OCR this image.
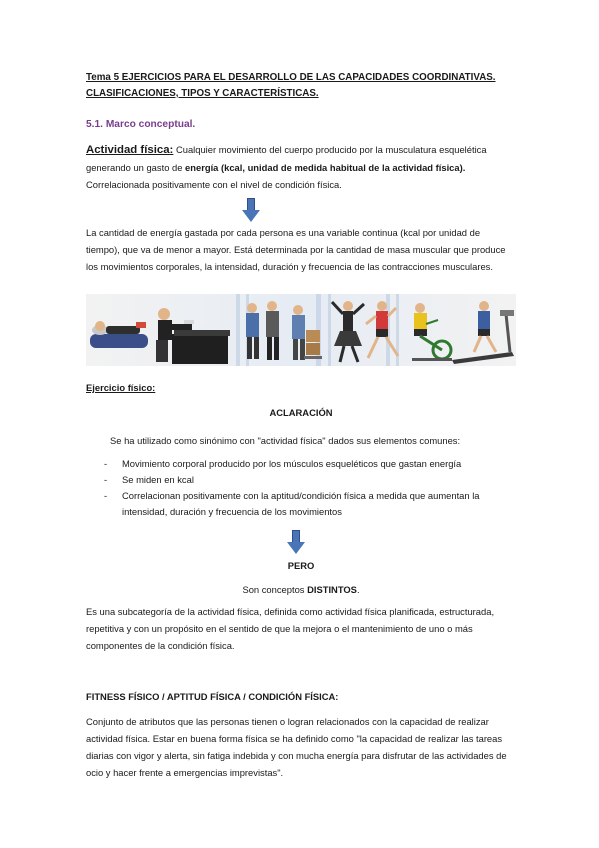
Tema 5 EJERCICIOS PARA EL DESARROLLO DE LAS CAPACIDADES COORDINATIVAS.
CLASIFICACIONES, TIPOS Y CARACTERÍSTICAS.
5.1. Marco conceptual.
Actividad física: Cualquier movimiento del cuerpo producido por la musculatura esquelética generando un gasto de energía (kcal, unidad de medida habitual de la actividad física). Correlacionada positivamente con el nivel de condición física.
La cantidad de energía gastada por cada persona es una variable continua (kcal por unidad de tiempo), que va de menor a mayor. Está determinada por la cantidad de masa muscular que produce los movimientos corporales, la intensidad, duración y frecuencia de las contracciones musculares.
Ejercicio físico:
ACLARACIÓN
Se ha utilizado como sinónimo con "actividad física" dados sus elementos comunes:
- Movimiento corporal producido por los músculos esqueléticos que gastan energía
- Se miden en kcal
- Correlacionan positivamente con la aptitud/condición física a medida que aumentan la intensidad, duración y frecuencia de los movimientos
PERO
Son conceptos DISTINTOS.
Es una subcategoría de la actividad física, definida como actividad física planificada, estructurada, repetitiva y con un propósito en el sentido de que la mejora o el mantenimiento de uno o más componentes de la condición física.
FITNESS FÍSICO / APTITUD FÍSICA / CONDICIÓN FÍSICA:
Conjunto de atributos que las personas tienen o logran relacionados con la capacidad de realizar actividad física. Estar en buena forma física se ha definido como "la capacidad de realizar las tareas diarias con vigor y alerta, sin fatiga indebida y con mucha energía para disfrutar de las actividades de ocio y hacer frente a emergencias imprevistas".
